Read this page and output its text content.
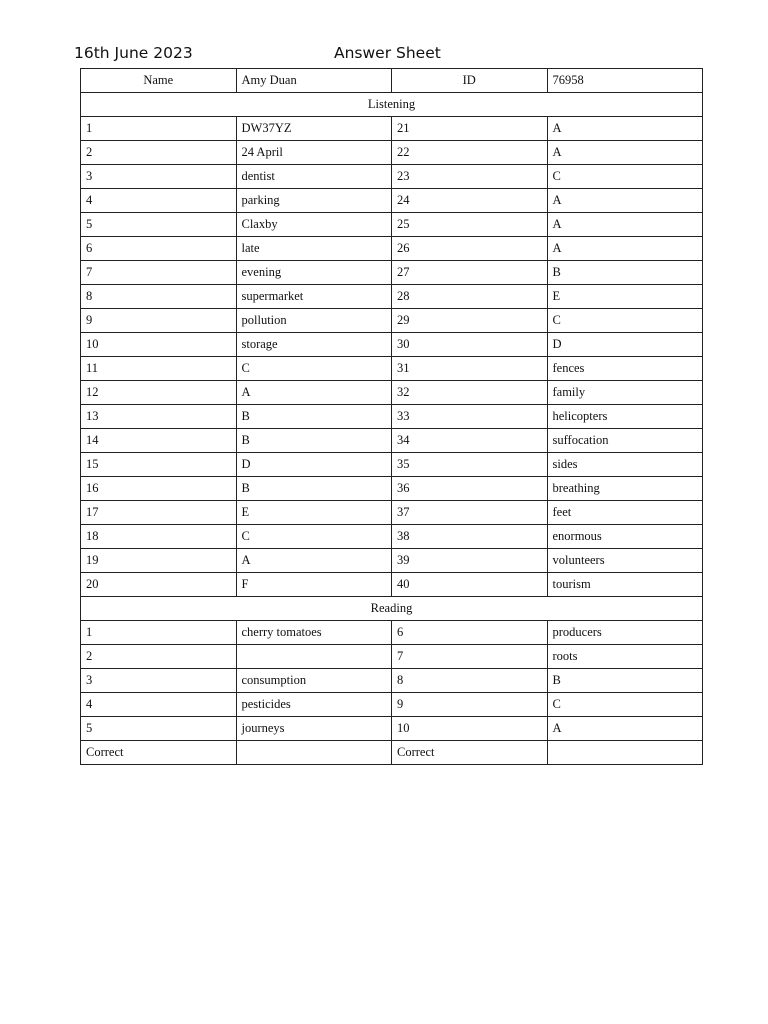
16th June 2023	Answer Sheet
Name	Amy Duan	ID	76958
Listening			
1	DW37YZ	21	A
2	24 April	22	A
3	dentist	23	C
4	parking	24	A
5	Claxby	25	A
6	late	26	A
7	evening	27	B
8	supermarket	28	E
9	pollution	29	C
10	storage	30	D
11	C	31	fences
12	A	32	family
13	B	33	helicopters
14	B	34	suffocation
15	D	35	sides
16	B	36	breathing
17	E	37	feet
18	C	38	enormous
19	A	39	volunteers
20	F	40	tourism
Reading			
1	cherry tomatoes	6	producers
2		7	roots
3	consumption	8	B
4	pesticides	9	C
5	journeys	10	A
Correct		Correct	
